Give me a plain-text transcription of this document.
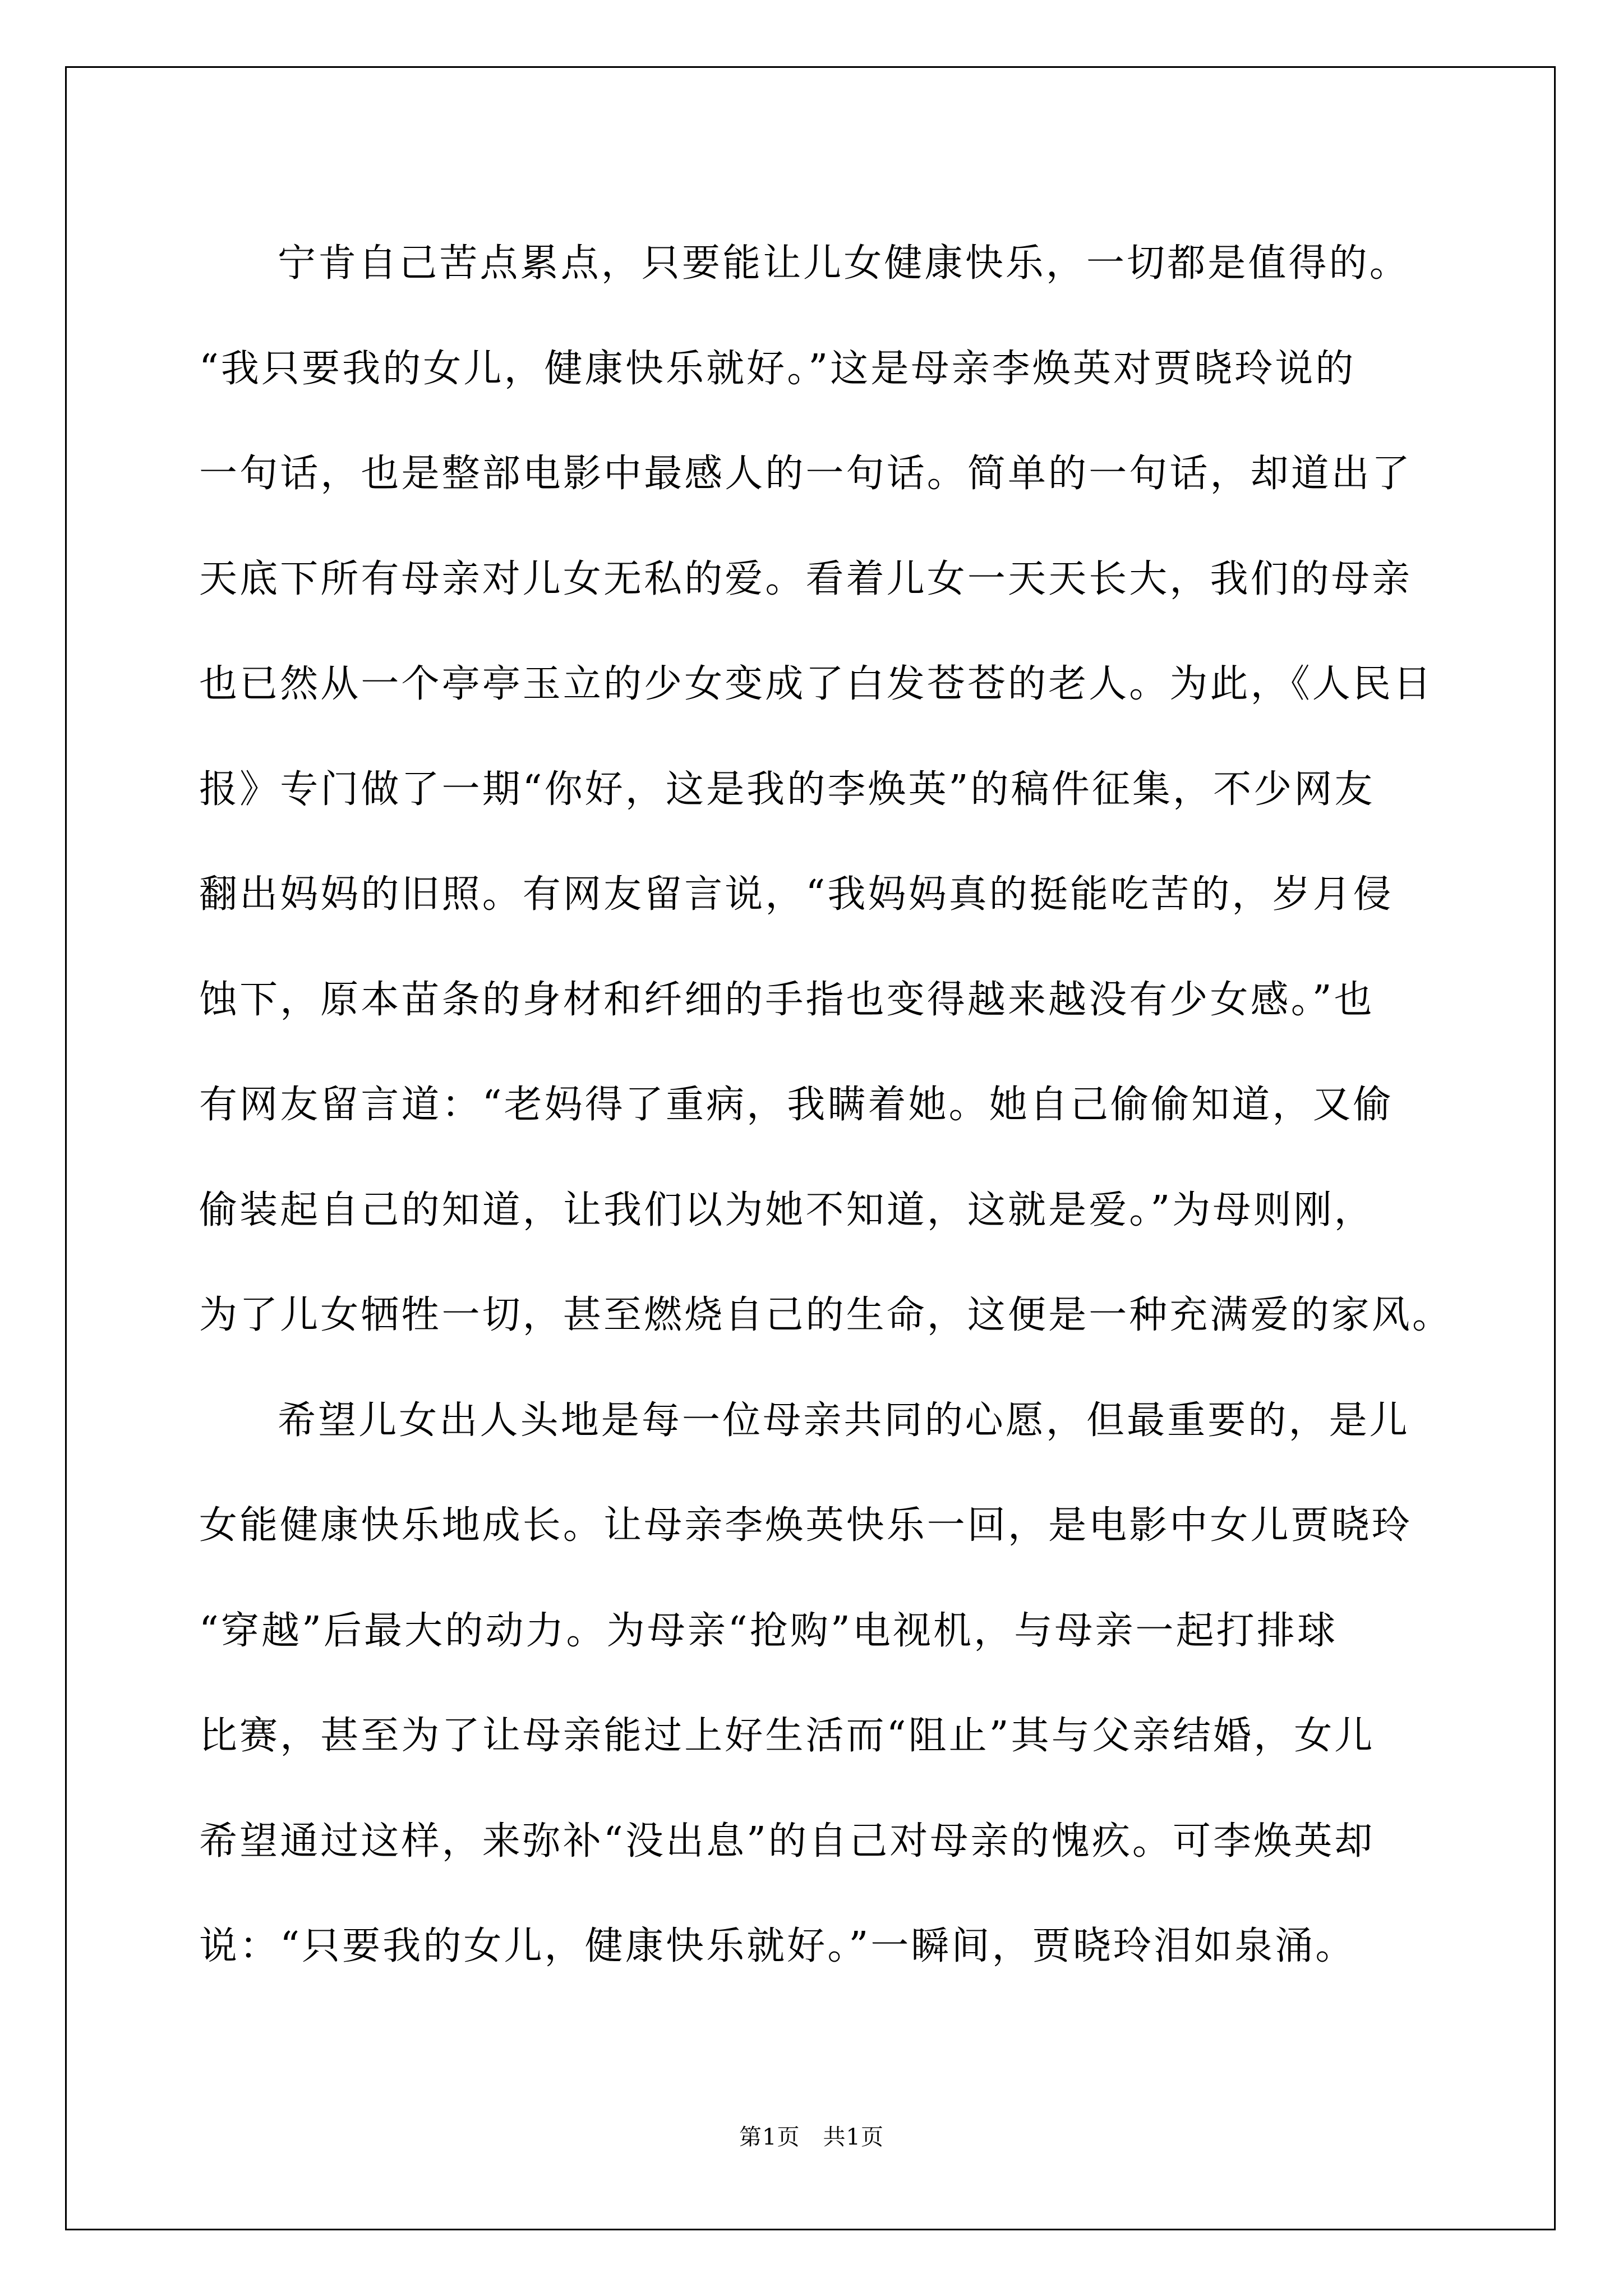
宁肯自己苦点累点，只要能让儿女健康快乐，一切都是值得的。
“我只要我的女儿，健康快乐就好。”这是母亲李焕英对贾晓玲说的
一句话，也是整部电影中最感人的一句话。简单的一句话，却道出了
天底下所有母亲对儿女无私的爱。看着儿女一天天长大，我们的母亲
也已然从一个亭亭玉立的少女变成了白发苍苍的老人。为此，《人民日
报》专门做了一期“你好，这是我的李焕英”的稿件征集，不少网友
翻出妈妈的旧照。有网友留言说，“我妈妈真的挺能吃苦的，岁月侵
蚀下，原本苗条的身材和纤细的手指也变得越来越没有少女感。”也
有网友留言道：“老妈得了重病，我瞒着她。她自己偷偷知道，又偷
偷装起自己的知道，让我们以为她不知道，这就是爱。”为母则刚，
为了儿女牺牲一切，甚至燃烧自己的生命，这便是一种充满爱的家风。
希望儿女出人头地是每一位母亲共同的心愿，但最重要的，是儿
女能健康快乐地成长。让母亲李焕英快乐一回，是电影中女儿贾晓玲
“穿越”后最大的动力。为母亲“抢购”电视机，与母亲一起打排球
比赛，甚至为了让母亲能过上好生活而“阻止”其与父亲结婚，女儿
希望通过这样，来弥补“没出息”的自己对母亲的愧疚。可李焕英却
说：“只要我的女儿，健康快乐就好。”一瞬间，贾晓玲泪如泉涌。
第1页　共1页
